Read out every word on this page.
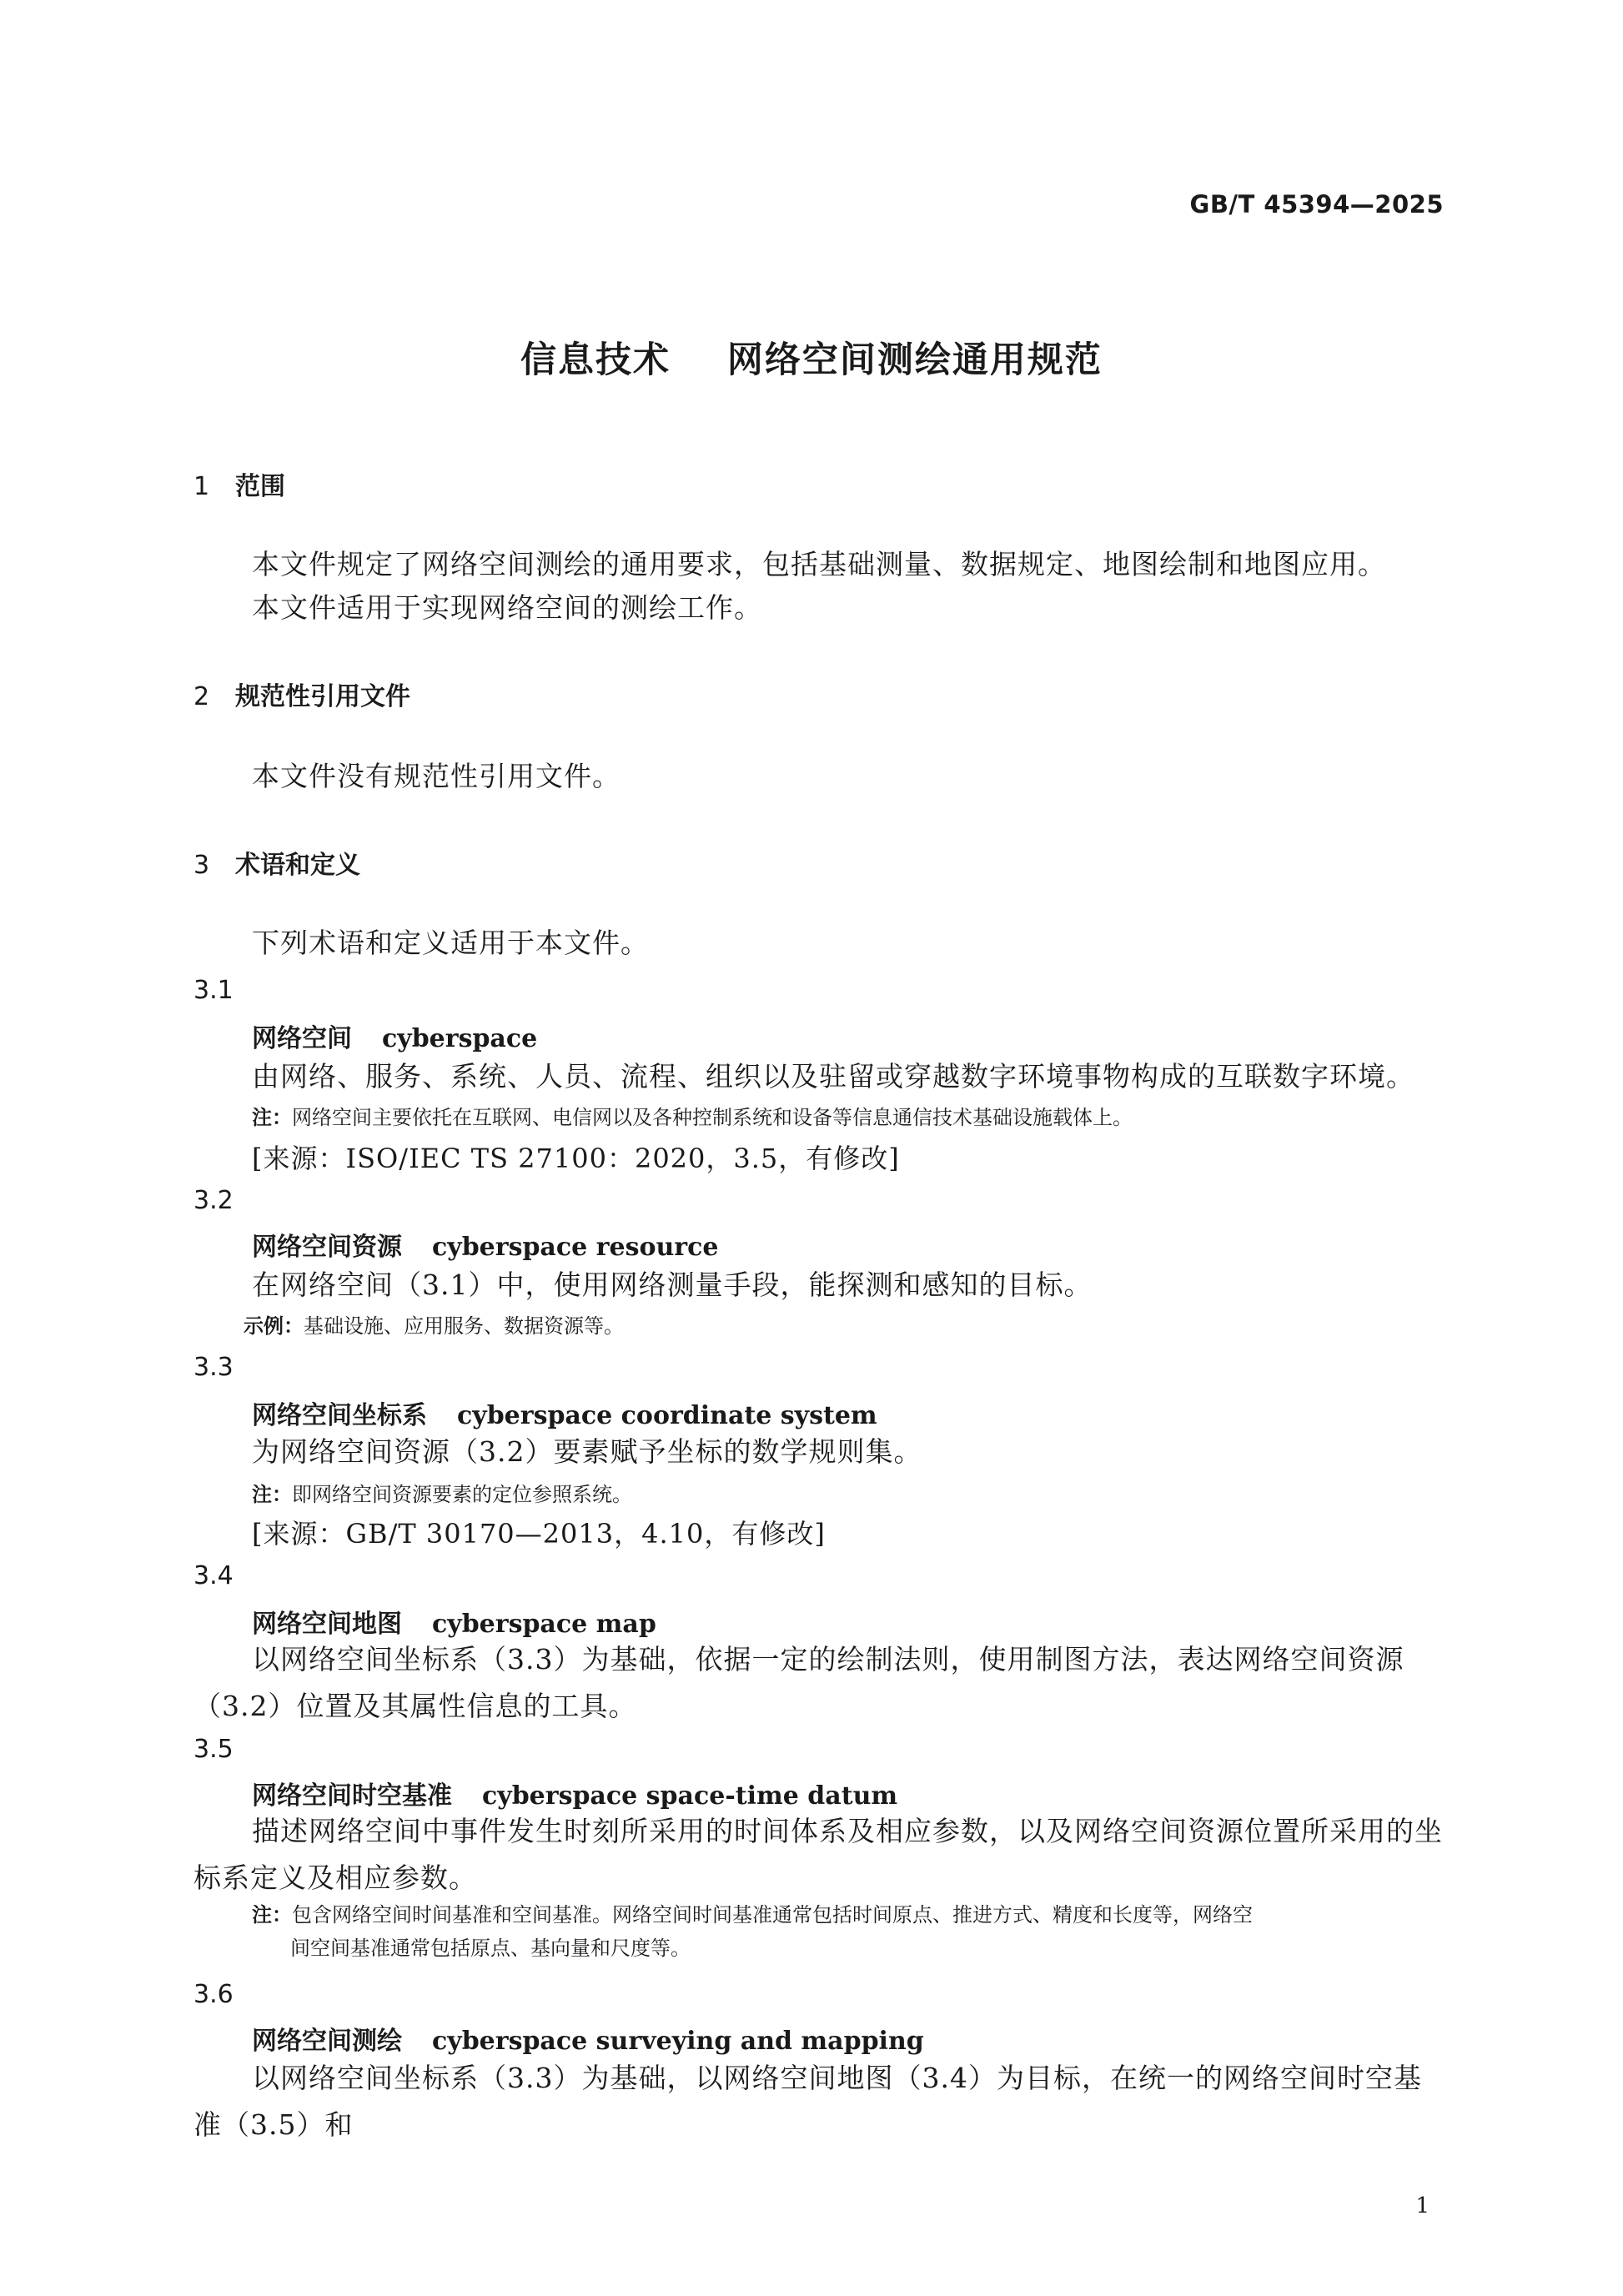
GB/T 45394—2025
信息技术    网络空间测绘通用规范
1 范围
本文件规定了网络空间测绘的通用要求，包括基础测量、数据规定、地图绘制和地图应用。
本文件适用于实现网络空间的测绘工作。
2 规范性引用文件
本文件没有规范性引用文件。
3 术语和定义
下列术语和定义适用于本文件。
3.1
网络空间 cyberspace
由网络、服务、系统、人员、流程、组织以及驻留或穿越数字环境事物构成的互联数字环境。
注：网络空间主要依托在互联网、电信网以及各种控制系统和设备等信息通信技术基础设施载体上。
[来源：ISO/IEC TS 27100：2020，3.5，有修改]
3.2
网络空间资源 cyberspace resource
在网络空间（3.1）中，使用网络测量手段，能探测和感知的目标。
示例：基础设施、应用服务、数据资源等。
3.3
网络空间坐标系 cyberspace coordinate system
为网络空间资源（3.2）要素赋予坐标的数学规则集。
注：即网络空间资源要素的定位参照系统。
[来源：GB/T 30170—2013，4.10，有修改]
3.4
网络空间地图 cyberspace map
以网络空间坐标系（3.3）为基础，依据一定的绘制法则，使用制图方法，表达网络空间资源（3.2）位置及其属性信息的工具。
3.5
网络空间时空基准 cyberspace space-time datum
描述网络空间中事件发生时刻所采用的时间体系及相应参数，以及网络空间资源位置所采用的坐标系定义及相应参数。
注：包含网络空间时间基准和空间基准。网络空间时间基准通常包括时间原点、推进方式、精度和长度等，网络空
间空间基准通常包括原点、基向量和尺度等。
3.6
网络空间测绘 cyberspace surveying and mapping
以网络空间坐标系（3.3）为基础，以网络空间地图（3.4）为目标，在统一的网络空间时空基准（3.5）和
1
